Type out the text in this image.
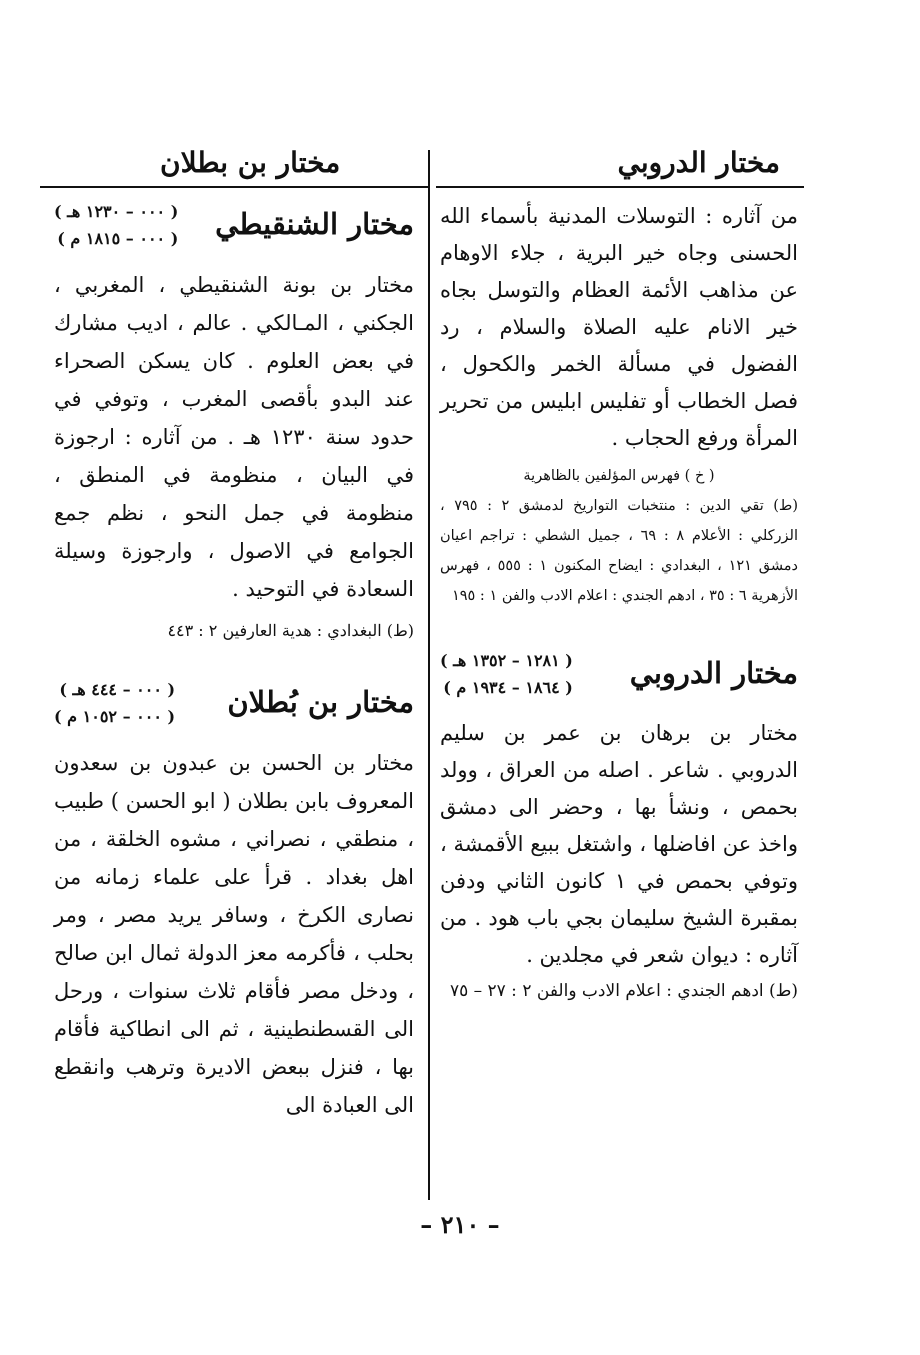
مختار الدروبي
مختار بن بطلان

من آثاره : التوسلات المدنية بأسماء الله الحسنى وجاه خير البرية ، جلاء الاوهام عن مذاهب الأئمة العظام والتوسل بجاه خير الانام عليه الصلاة والسلام ، رد الفضول في مسألة الخمر والكحول ، فصل الخطاب أو تفليس ابليس من تحرير المرأة ورفع الحجاب .

( خ ) فهرس المؤلفين بالظاهرية

(ط) تقي الدين : منتخبات التواريخ لدمشق ٢ : ٧٩٥ ، الزركلي : الأعلام ٨ : ٦٩ ، جميل الشطي : تراجم اعيان دمشق ١٢١ ، البغدادي : ايضاح المكنون ١ : ٥٥٥ ، فهرس الأزهرية ٦ : ٣٥ ، ادهم الجندي : اعلام الادب والفن ١ : ١٩٥

مختار الدروبي
( ١٢٨١ – ١٣٥٢ هـ )
( ١٨٦٤ – ١٩٣٤ م )

مختار بن برهان بن عمر بن سليم الدروبي . شاعر . اصله من العراق ، وولد بحمص ، ونشأ بها ، وحضر الى دمشق واخذ عن افاضلها ، واشتغل ببيع الأقمشة ، وتوفي بحمص في ١ كانون الثاني ودفن بمقبرة الشيخ سليمان بجي باب هود . من آثاره : ديوان شعر في مجلدين .

(ط) ادهم الجندي : اعلام الادب والفن ٢ : ٢٧ – ٧٥

مختار الشنقيطي
( ٠٠٠ – ١٢٣٠ هـ )
( ٠٠٠ – ١٨١٥ م )

مختار بن بونة الشنقيطي ، المغربي ، الجكني ، المـالكي . عالم ، اديب مشارك في بعض العلوم . كان يسكن الصحراء عند البدو بأقصى المغرب ، وتوفي في حدود سنة ١٢٣٠ هـ . من آثاره : ارجوزة في البيان ، منظومة في المنطق ، منظومة في جمل النحو ، نظم جمع الجوامع في الاصول ، وارجوزة وسيلة السعادة في التوحيد .

(ط) البغدادي : هدية العارفين ٢ : ٤٤٣

مختار بن بُطلان
( ٠٠٠ – ٤٤٤ هـ )
( ٠٠٠ – ١٠٥٢ م )

مختار بن الحسن بن عبدون بن سعدون المعروف بابن بطلان ( ابو الحسن ) طبيب ، منطقي ، نصراني ، مشوه الخلقة ، من اهل بغداد . قرأ على علماء زمانه من نصارى الكرخ ، وسافر يريد مصر ، ومر بحلب ، فأكرمه معز الدولة ثمال ابن صالح ، ودخل مصر فأقام ثلاث سنوات ، ورحل الى القسطنطينية ، ثم الى انطاكية فأقام بها ، فنزل ببعض الاديرة وترهب وانقطع الى العبادة الى

– ٢١٠ –
